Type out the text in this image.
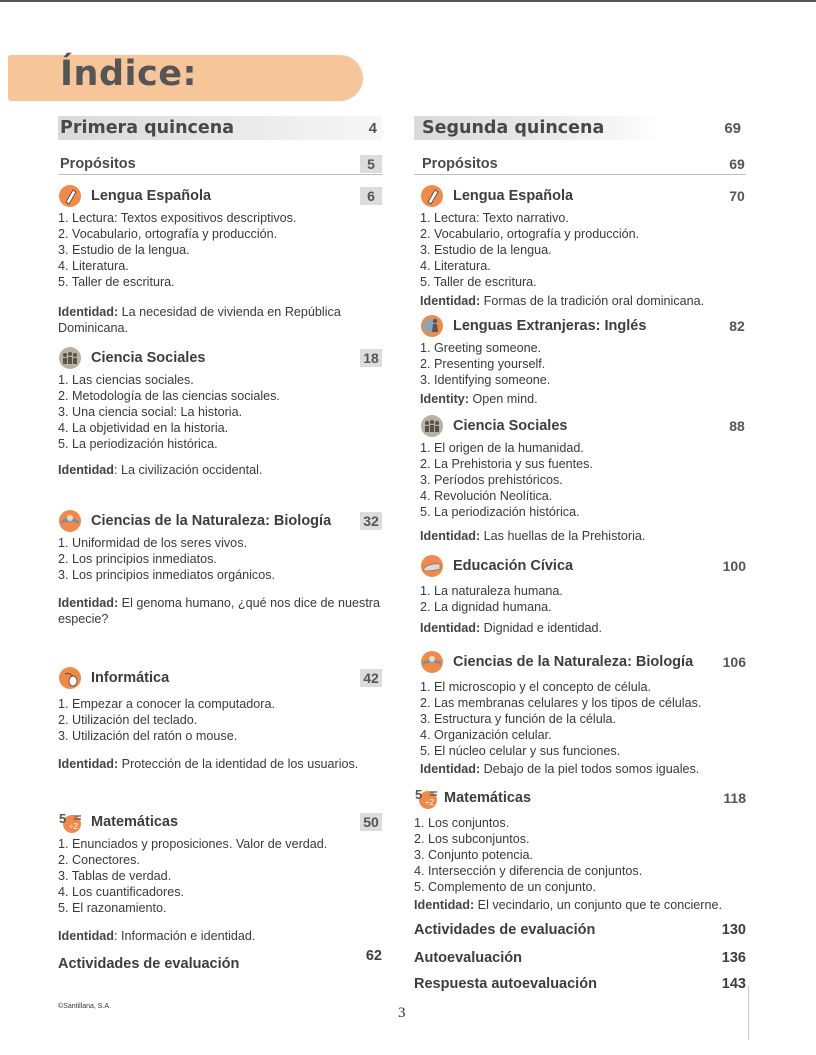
Índice:
Primera quincena	4
Propósitos	5
Lengua Española	6
1. Lectura: Textos expositivos descriptivos.
2. Vocabulario, ortografía y producción.
3. Estudio de la lengua.
4. Literatura.
5. Taller de escritura.
Identidad: La necesidad de vivienda en República Dominicana.
Ciencia Sociales	18
1. Las ciencias sociales.
2. Metodología de las ciencias sociales.
3. Una ciencia social: La historia.
4. La objetividad en la historia.
5. La periodización histórica.
Identidad: La civilización occidental.
Ciencias de la Naturaleza: Biología 32
1. Uniformidad de los seres vivos.
2. Los principios inmediatos.
3. Los principios inmediatos orgánicos.
Identidad: El genoma humano, ¿qué nos dice de nuestra especie?
Informática	42
1. Empezar a conocer la computadora.
2. Utilización del teclado.
3. Utilización del ratón o mouse.
Identidad: Protección de la identidad de los usuarios.
5
÷2 Matemáticas	50
1. Enunciados y proposiciones. Valor de verdad.
2. Conectores.
3. Tablas de verdad.
4. Los cuantificadores.
5. El razonamiento.
Identidad: Información e identidad.
Actividades de evaluación	62
Segunda quincena	69
Propósitos	69
Lengua Española	70
1. Lectura: Texto narrativo.
2. Vocabulario, ortografía y producción.
3. Estudio de la lengua.
4. Literatura.
5. Taller de escritura.
Identidad: Formas de la tradición oral dominicana.
Lenguas Extranjeras: Inglés	82
1. Greeting someone.
2. Presenting yourself.
3. Identifying someone.
Identity: Open mind.
Ciencia Sociales	88
1. El origen de la humanidad.
2. La Prehistoria y sus fuentes.
3. Períodos prehistóricos.
4. Revolución Neolítica.
5. La periodización histórica.
Identidad: Las huellas de la Prehistoria.
Educación Cívica	100
1. La naturaleza humana.
2. La dignidad humana.
Identidad: Dignidad e identidad.
Ciencias de la Naturaleza: Biología 106
1. El microscopio y el concepto de célula.
2. Las membranas celulares y los tipos de células.
3. Estructura y función de la célula.
4. Organización celular.
5. El núcleo celular y sus funciones.
Identidad: Debajo de la piel todos somos iguales.
5
÷2 Matemáticas	118
1. Los conjuntos.
2. Los subconjuntos.
3. Conjunto potencia.
4. Intersección y diferencia de conjuntos.
5. Complemento de un conjunto.
Identidad: El vecindario, un conjunto que te concierne.
Actividades de evaluación	130
Autoevaluación	136
Respuesta autoevaluación	143
©Santillana, S.A.	3
